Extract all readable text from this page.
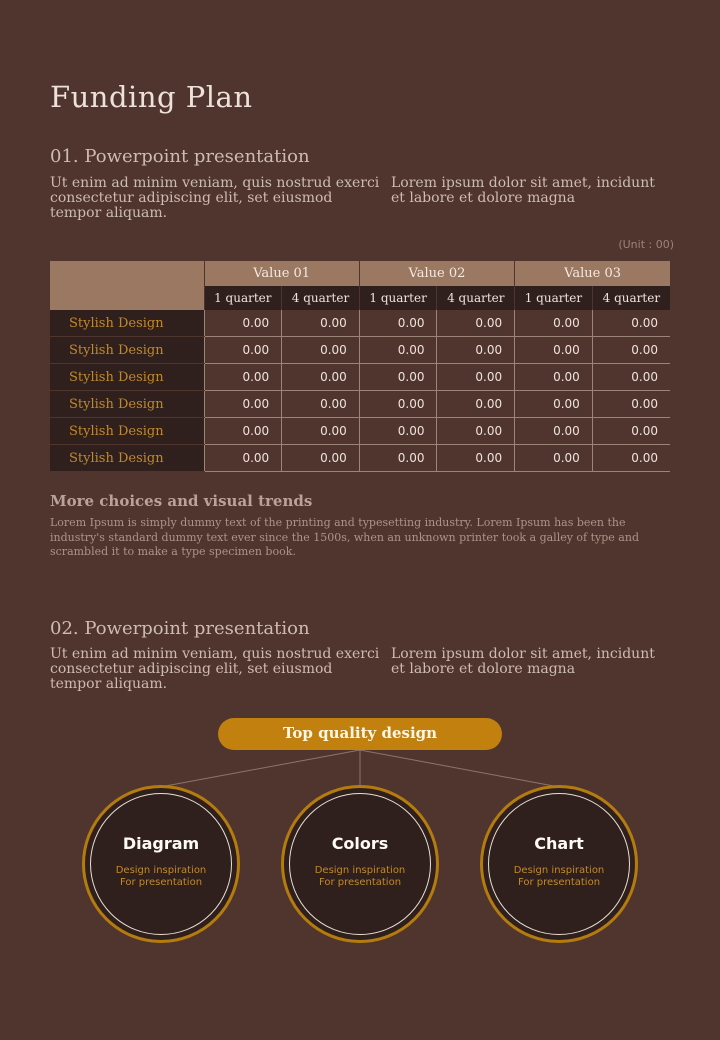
Funding Plan
01. Powerpoint presentation
Ut enim ad minim veniam, quis nostrud exerci consectetur adipiscing elit, set eiusmod tempor aliquam.
Lorem ipsum dolor sit amet, incidunt et labore et dolore magna
(Unit : 00)
	Value 01		Value 02		Value 03	
	1 quarter	4 quarter	1 quarter	4 quarter	1 quarter	4 quarter
Stylish Design	0.00	0.00	0.00	0.00	0.00	0.00
Stylish Design	0.00	0.00	0.00	0.00	0.00	0.00
Stylish Design	0.00	0.00	0.00	0.00	0.00	0.00
Stylish Design	0.00	0.00	0.00	0.00	0.00	0.00
Stylish Design	0.00	0.00	0.00	0.00	0.00	0.00
Stylish Design	0.00	0.00	0.00	0.00	0.00	0.00
More choices and visual trends
Lorem Ipsum is simply dummy text of the printing and typesetting industry. Lorem Ipsum has been the industry's standard dummy text ever since the 1500s, when an unknown printer took a galley of type and scrambled it to make a type specimen book.
02. Powerpoint presentation
Ut enim ad minim veniam, quis nostrud exerci consectetur adipiscing elit, set eiusmod tempor aliquam.
Lorem ipsum dolor sit amet, incidunt et labore et dolore magna
Top quality design
Diagram
Design inspiration
For presentation
Colors
Design inspiration
For presentation
Chart
Design inspiration
For presentation
